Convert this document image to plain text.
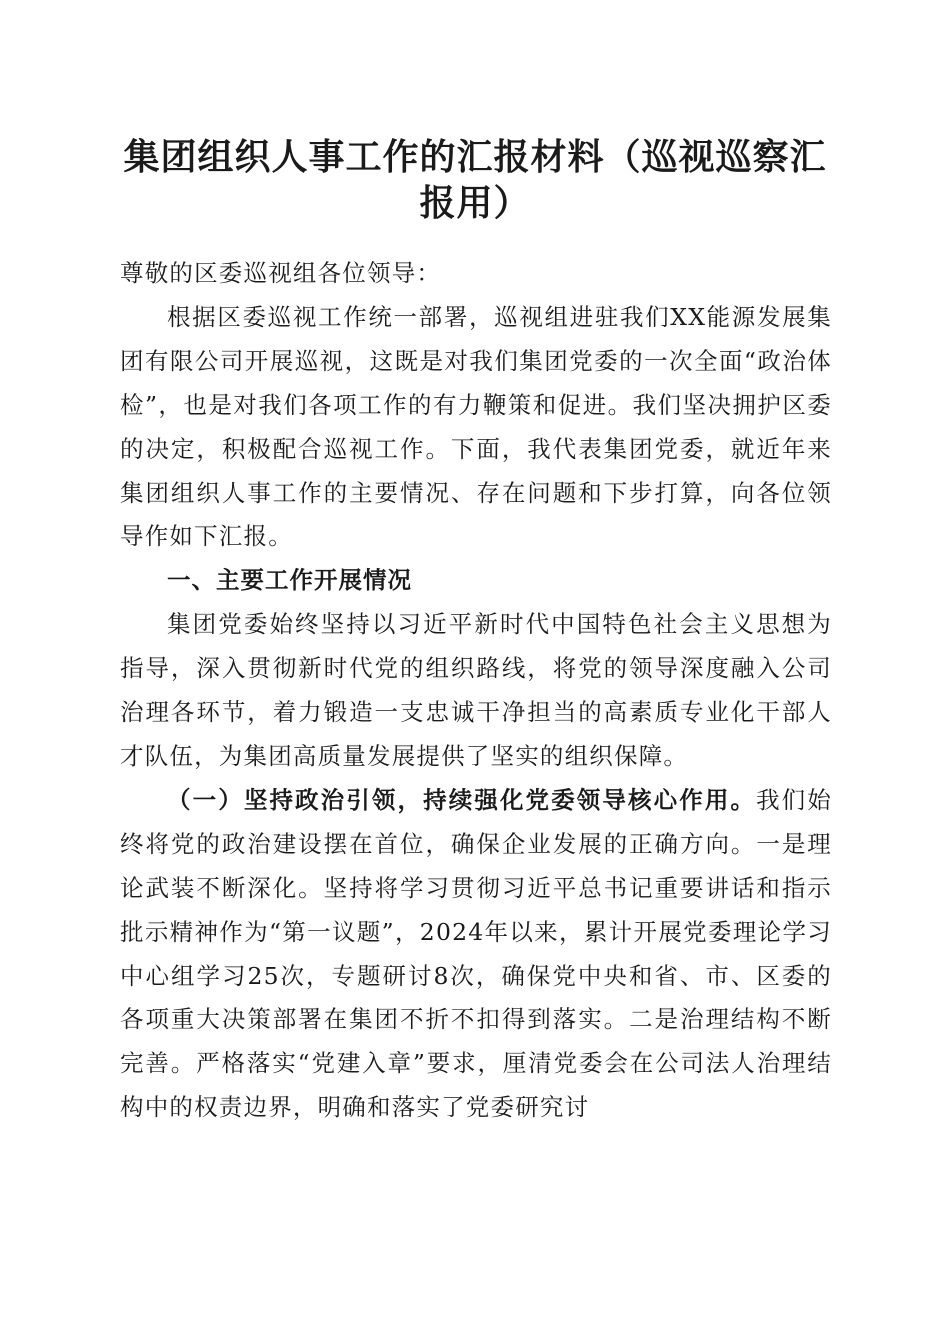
集团组织人事工作的汇报材料（巡视巡察汇报用）

尊敬的区委巡视组各位领导：

根据区委巡视工作统一部署，巡视组进驻我们XX能源发展集团有限公司开展巡视，这既是对我们集团党委的一次全面“政治体检”，也是对我们各项工作的有力鞭策和促进。我们坚决拥护区委的决定，积极配合巡视工作。下面，我代表集团党委，就近年来集团组织人事工作的主要情况、存在问题和下步打算，向各位领导作如下汇报。

一、主要工作开展情况

集团党委始终坚持以习近平新时代中国特色社会主义思想为指导，深入贯彻新时代党的组织路线，将党的领导深度融入公司治理各环节，着力锻造一支忠诚干净担当的高素质专业化干部人才队伍，为集团高质量发展提供了坚实的组织保障。

（一）坚持政治引领，持续强化党委领导核心作用。我们始终将党的政治建设摆在首位，确保企业发展的正确方向。一是理论武装不断深化。坚持将学习贯彻习近平总书记重要讲话和指示批示精神作为“第一议题”，2024年以来，累计开展党委理论学习中心组学习25次，专题研讨8次，确保党中央和省、市、区委的各项重大决策部署在集团不折不扣得到落实。二是治理结构不断完善。严格落实“党建入章”要求，厘清党委会在公司法人治理结构中的权责边界，明确和落实了党委研究讨
